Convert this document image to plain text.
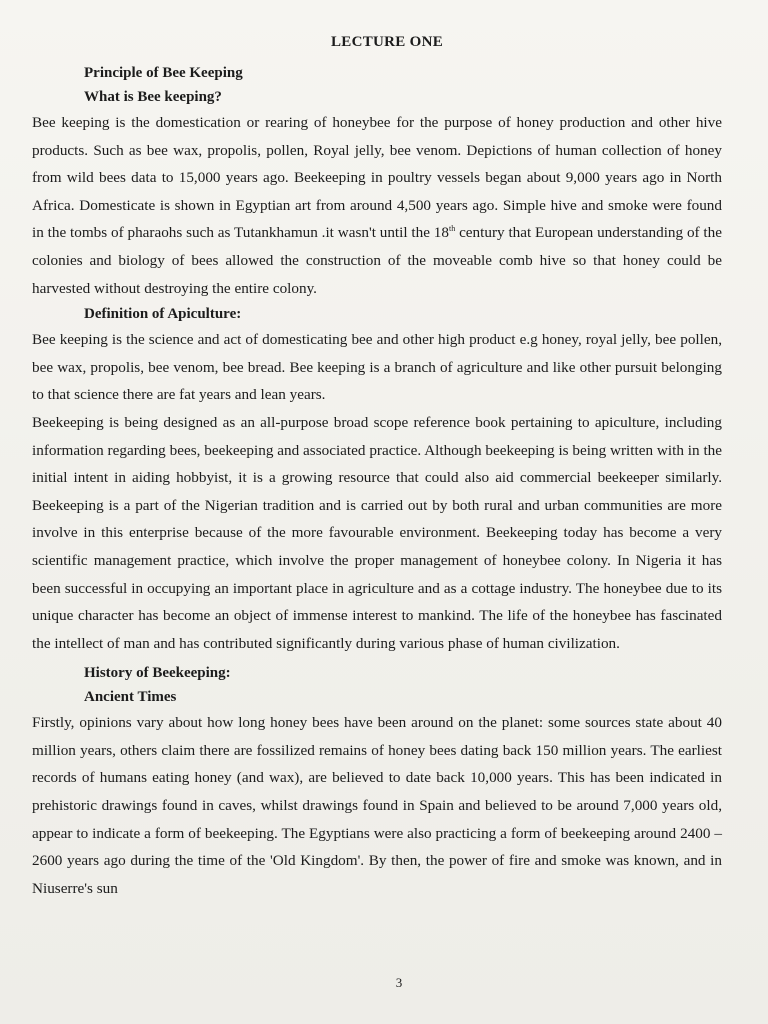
LECTURE ONE
Principle of Bee Keeping
What is Bee keeping?

Bee keeping is the domestication or rearing of honeybee for the purpose of honey production and other hive products. Such as bee wax, propolis, pollen, Royal jelly, bee venom. Depictions of human collection of honey from wild bees data to 15,000 years ago. Beekeeping in poultry vessels began about 9,000 years ago in North Africa. Domesticate is shown in Egyptian art from around 4,500 years ago. Simple hive and smoke were found in the tombs of pharaohs such as Tutankhamun .it wasn't until the 18th century that European understanding of the colonies and biology of bees allowed the construction of the moveable comb hive so that honey could be harvested without destroying the entire colony.

Definition of Apiculture:

Bee keeping is the science and act of domesticating bee and other high product e.g honey, royal jelly, bee pollen, bee wax, propolis, bee venom, bee bread. Bee keeping is a branch of agriculture and like other pursuit belonging to that science there are fat years and lean years.

Beekeeping is being designed as an all-purpose broad scope reference book pertaining to apiculture, including information regarding bees, beekeeping and associated practice. Although beekeeping is being written with in the initial intent in aiding hobbyist, it is a growing resource that could also aid commercial beekeeper similarly. Beekeeping is a part of the Nigerian tradition and is carried out by both rural and urban communities are more involve in this enterprise because of the more favourable environment. Beekeeping today has become a very scientific management practice, which involve the proper management of honeybee colony. In Nigeria it has been successful in occupying an important place in agriculture and as a cottage industry. The honeybee due to its unique character has become an object of immense interest to mankind. The life of the honeybee has fascinated the intellect of man and has contributed significantly during various phase of human civilization.

History of Beekeeping:
Ancient Times

Firstly, opinions vary about how long honey bees have been around on the planet: some sources state about 40 million years, others claim there are fossilized remains of honey bees dating back 150 million years. The earliest records of humans eating honey (and wax), are believed to date back 10,000 years. This has been indicated in prehistoric drawings found in caves, whilst drawings found in Spain and believed to be around 7,000 years old, appear to indicate a form of beekeeping. The Egyptians were also practicing a form of beekeeping around 2400 – 2600 years ago during the time of the 'Old Kingdom'. By then, the power of fire and smoke was known, and in Niuserre's sun

3
